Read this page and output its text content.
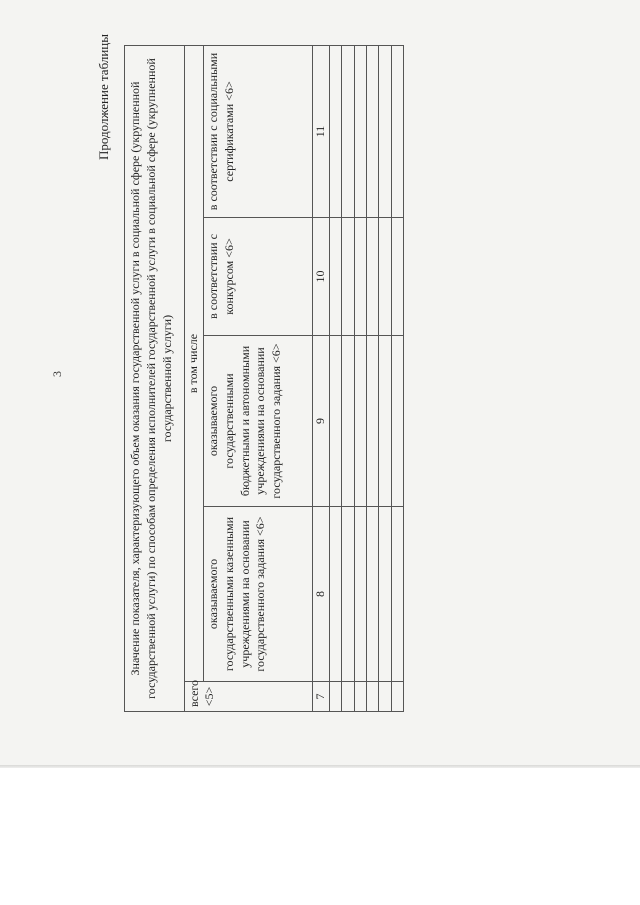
3
Продолжение таблицы Значение показателя, характеризующего объем оказания государственной услуги в социальной сфере (укрупненной государственной услуги) по способам определения исполнителей государственной услуги в социальной сфере (укрупненной государственной услуги)				
всего <5>	в том числе			
	оказываемого государственными казенными учреждениями на основании государственного задания <6>	оказываемого государственными бюджетными и автономными учреждениями на основании государственного задания <6>	в соответствии с конкурсом <6>	в соответствии с социальными сертификатами <6>
7	8	9	10	11
